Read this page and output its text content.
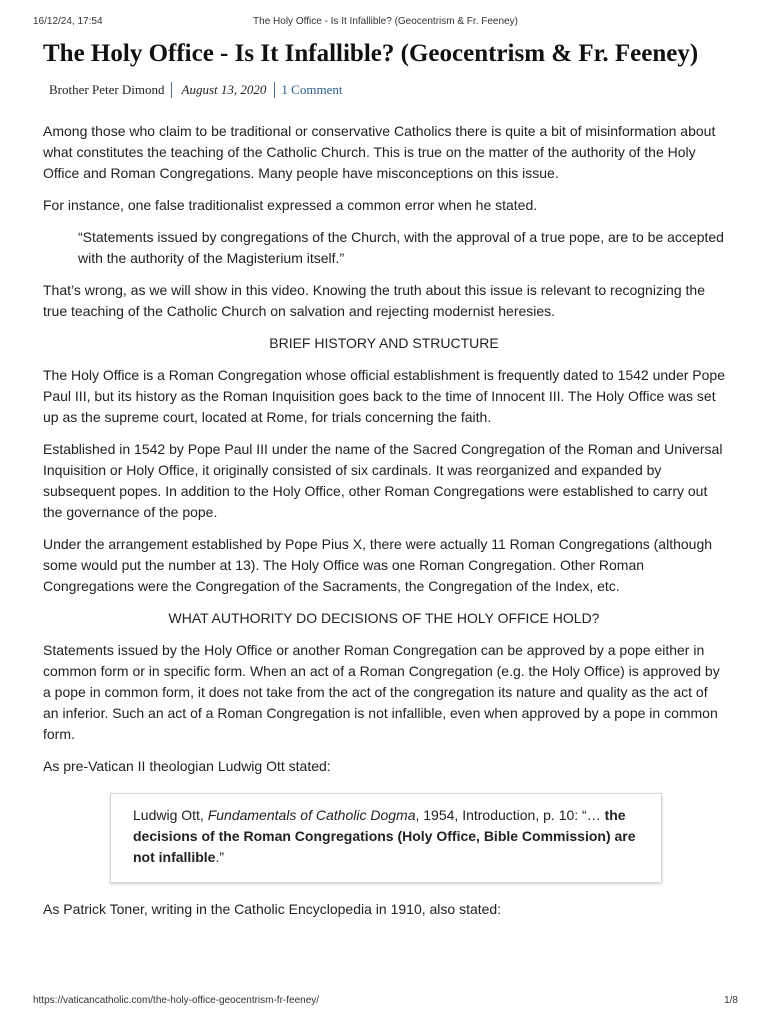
16/12/24, 17:54	The Holy Office - Is It Infallible? (Geocentrism & Fr. Feeney)
The Holy Office - Is It Infallible? (Geocentrism & Fr. Feeney)
Brother Peter Dimond	August 13, 2020	1 Comment

Among those who claim to be traditional or conservative Catholics there is quite a bit of misinformation about what constitutes the teaching of the Catholic Church. This is true on the matter of the authority of the Holy Office and Roman Congregations. Many people have misconceptions on this issue.

For instance, one false traditionalist expressed a common error when he stated.

“Statements issued by congregations of the Church, with the approval of a true pope, are to be accepted with the authority of the Magisterium itself.”

That’s wrong, as we will show in this video. Knowing the truth about this issue is relevant to recognizing the true teaching of the Catholic Church on salvation and rejecting modernist heresies.

BRIEF HISTORY AND STRUCTURE

The Holy Office is a Roman Congregation whose official establishment is frequently dated to 1542 under Pope Paul III, but its history as the Roman Inquisition goes back to the time of Innocent III. The Holy Office was set up as the supreme court, located at Rome, for trials concerning the faith.

Established in 1542 by Pope Paul III under the name of the Sacred Congregation of the Roman and Universal Inquisition or Holy Office, it originally consisted of six cardinals. It was reorganized and expanded by subsequent popes. In addition to the Holy Office, other Roman Congregations were established to carry out the governance of the pope.

Under the arrangement established by Pope Pius X, there were actually 11 Roman Congregations (although some would put the number at 13). The Holy Office was one Roman Congregation. Other Roman Congregations were the Congregation of the Sacraments, the Congregation of the Index, etc.

WHAT AUTHORITY DO DECISIONS OF THE HOLY OFFICE HOLD?

Statements issued by the Holy Office or another Roman Congregation can be approved by a pope either in common form or in specific form. When an act of a Roman Congregation (e.g. the Holy Office) is approved by a pope in common form, it does not take from the act of the congregation its nature and quality as the act of an inferior. Such an act of a Roman Congregation is not infallible, even when approved by a pope in common form.

As pre-Vatican II theologian Ludwig Ott stated:

Ludwig Ott, Fundamentals of Catholic Dogma, 1954, Introduction, p. 10: “… the decisions of the Roman Congregations (Holy Office, Bible Commission) are not infallible.”

As Patrick Toner, writing in the Catholic Encyclopedia in 1910, also stated:

https://vaticancatholic.com/the-holy-office-geocentrism-fr-feeney/	1/8
